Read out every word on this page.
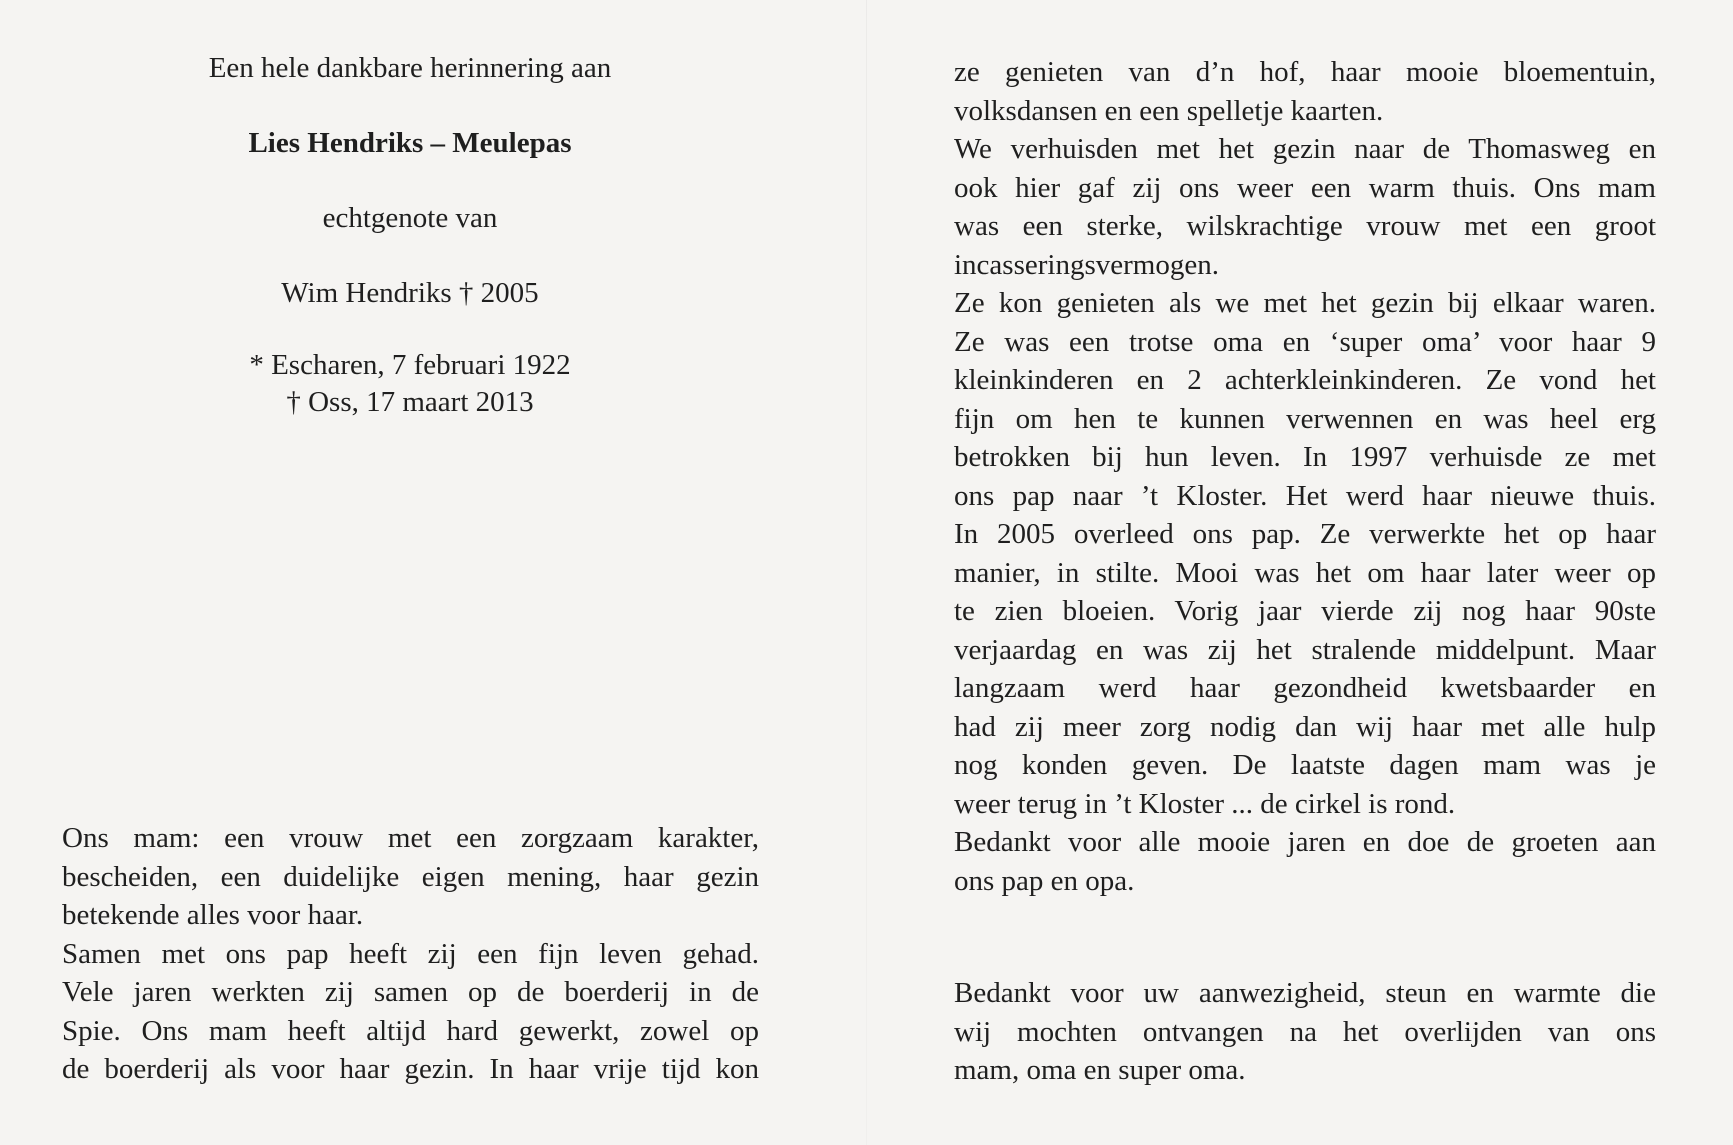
Een hele dankbare herinnering aan

Lies Hendriks – Meulepas

echtgenote van

Wim Hendriks † 2005

* Escharen, 7 februari 1922

† Oss, 17 maart 2013

Ons mam: een vrouw met een zorgzaam karakter,
bescheiden, een duidelijke eigen mening, haar gezin
betekende alles voor haar.
Samen met ons pap heeft zij een fijn leven gehad.
Vele jaren werkten zij samen op de boerderij in de
Spie. Ons mam heeft altijd hard gewerkt, zowel op
de boerderij als voor haar gezin. In haar vrije tijd kon
ze genieten van d’n hof, haar mooie bloementuin,
volksdansen en een spelletje kaarten.
We verhuisden met het gezin naar de Thomasweg en
ook hier gaf zij ons weer een warm thuis. Ons mam
was een sterke, wilskrachtige vrouw met een groot
incasseringsvermogen.
Ze kon genieten als we met het gezin bij elkaar waren.
Ze was een trotse oma en ‘super oma’ voor haar 9
kleinkinderen en 2 achterkleinkinderen. Ze vond het
fijn om hen te kunnen verwennen en was heel erg
betrokken bij hun leven. In 1997 verhuisde ze met
ons pap naar ’t Kloster. Het werd haar nieuwe thuis.
In 2005 overleed ons pap. Ze verwerkte het op haar
manier, in stilte. Mooi was het om haar later weer op
te zien bloeien. Vorig jaar vierde zij nog haar 90ste
verjaardag en was zij het stralende middelpunt. Maar
langzaam werd haar gezondheid kwetsbaarder en
had zij meer zorg nodig dan wij haar met alle hulp
nog konden geven. De laatste dagen mam was je
weer terug in ’t Kloster ... de cirkel is rond.
Bedankt voor alle mooie jaren en doe de groeten aan
ons pap en opa.
Bedankt voor uw aanwezigheid, steun en warmte die
wij mochten ontvangen na het overlijden van ons
mam, oma en super oma.
